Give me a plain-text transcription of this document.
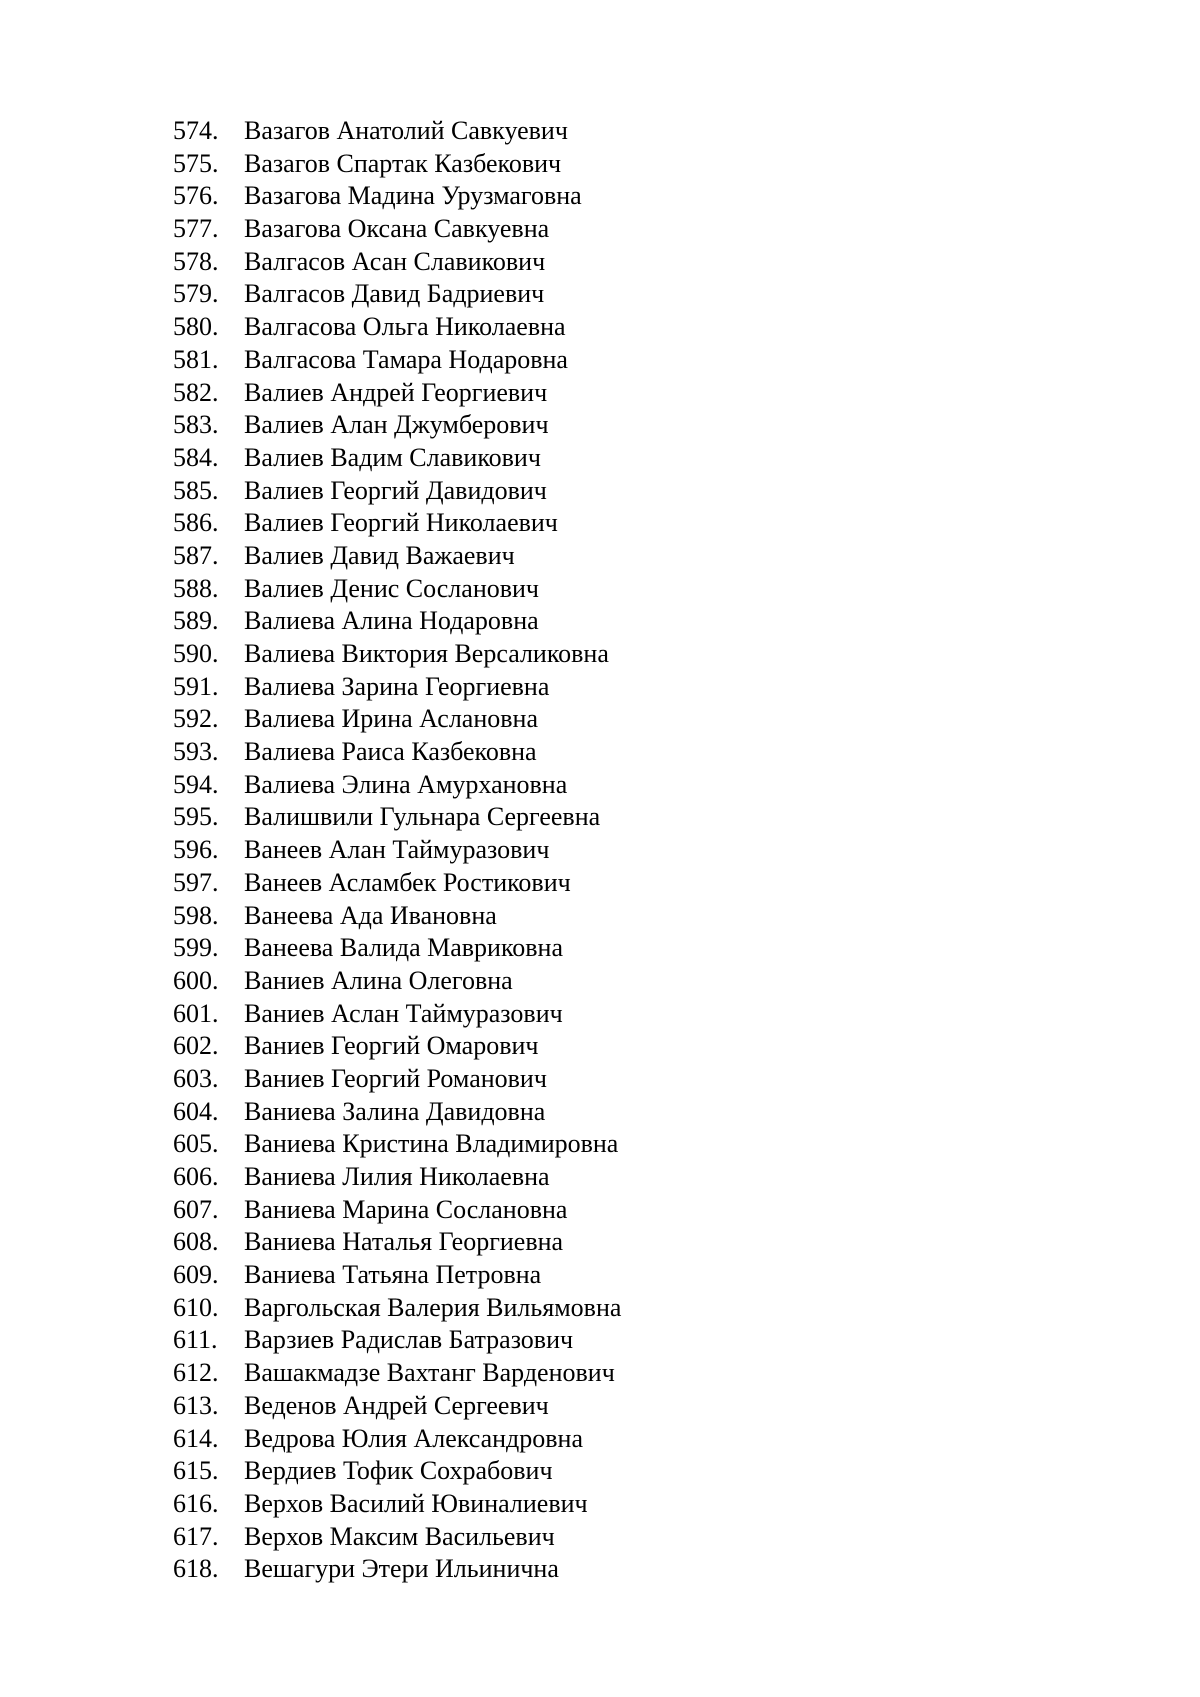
574. Вазагов Анатолий Савкуевич
575. Вазагов Спартак Казбекович
576. Вазагова Мадина Урузмаговна
577. Вазагова Оксана Савкуевна
578. Валгасов Асан Славикович
579. Валгасов Давид Бадриевич
580. Валгасова Ольга Николаевна
581. Валгасова Тамара Нодаровна
582. Валиев Андрей Георгиевич
583. Валиев Алан Джумберович
584. Валиев Вадим Славикович
585. Валиев Георгий Давидович
586. Валиев Георгий Николаевич
587. Валиев Давид Важаевич
588. Валиев Денис Сосланович
589. Валиева Алина Нодаровна
590. Валиева Виктория Версаликовна
591. Валиева Зарина Георгиевна
592. Валиева Ирина Аслановна
593. Валиева Раиса Казбековна
594. Валиева Элина Амурхановна
595. Валишвили Гульнара Сергеевна
596. Ванеев Алан Таймуразович
597. Ванеев Асламбек Ростикович
598. Ванеева Ада Ивановна
599. Ванеева Валида Мавриковна
600. Ваниев Алина Олеговна
601. Ваниев Аслан Таймуразович
602. Ваниев Георгий Омарович
603. Ваниев Георгий Романович
604. Ваниева Залина Давидовна
605. Ваниева Кристина Владимировна
606. Ваниева Лилия Николаевна
607. Ваниева Марина Сослановна
608. Ваниева Наталья Георгиевна
609. Ваниева Татьяна Петровна
610. Варгольская Валерия Вильямовна
611.	Варзиев Радислав Батразович
612. Вашакмадзе Вахтанг Варденович
613. Веденов Андрей Сергеевич
614. Ведрова Юлия Александровна
615. Вердиев Тофик Сохрабович
616. Верхов Василий Ювиналиевич
617. Верхов Максим Васильевич
618. Вешагури Этери Ильинична
